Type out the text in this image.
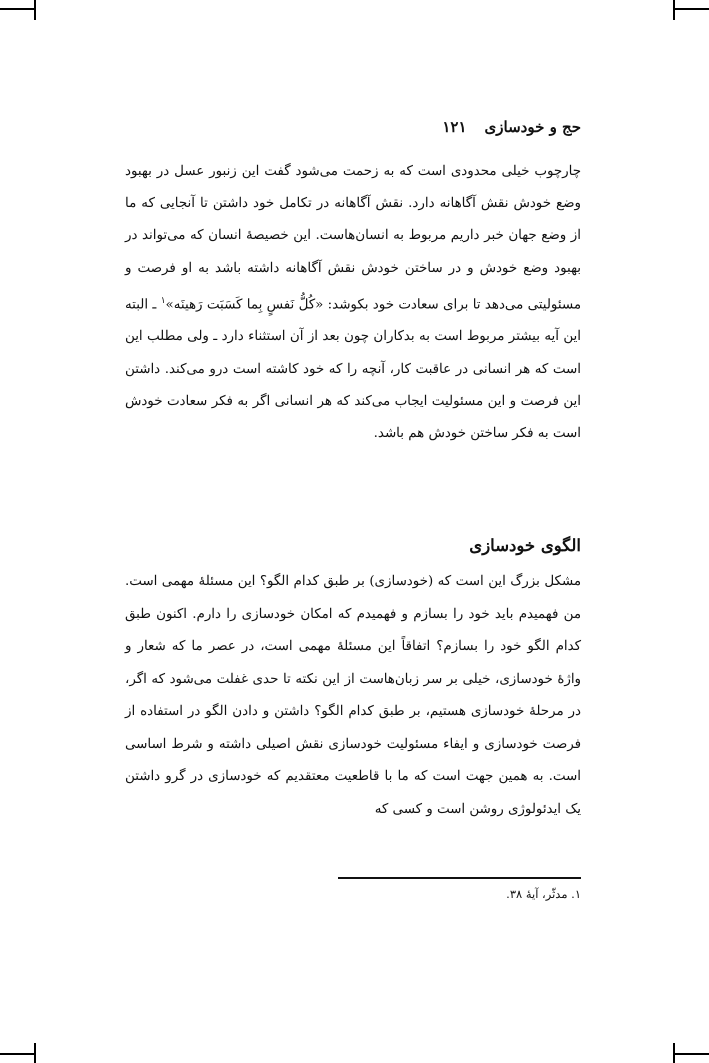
حج و خودسازی
۱۲۱
چارچوب خیلی محدودی است که به زحمت می‌شود گفت این زنبور عسل در بهبود وضع خودش نقش آگاهانه دارد. نقش آگاهانه در تکامل خود داشتن تا آنجایی که ما از وضع جهان خبر داریم مربوط به انسان‌هاست. این خصیصهٔ انسان که می‌تواند در بهبود وضع خودش و در ساختن خودش نقش آگاهانه داشته باشد به او فرصت و مسئولیتی می‌دهد تا برای سعادت خود بکوشد: «کُلُّ نَفسٍ بِما کَسَبَت رَهینَه»$^۱$ ـ البته این آیه بیشتر مربوط است به بدکاران چون بعد از آن استثناء دارد ـ ولی مطلب این است که هر انسانی در عاقبت کار، آنچه را که خود کاشته است درو می‌کند. داشتن این فرصت و این مسئولیت ایجاب می‌کند که هر انسانی اگر به فکر سعادت خودش است به فکر ساختن خودش هم باشد.
الگوی خودسازی
مشکل بزرگ این است که (خودسازی) بر طبق کدام الگو؟ این مسئلهٔ مهمی است. من فهمیدم باید خود را بسازم و فهمیدم که امکان خودسازی را دارم. اکنون طبق کدام الگو خود را بسازم؟ اتفاقاً این مسئلهٔ مهمی است، در عصر ما که شعار و واژهٔ خودسازی، خیلی بر سر زبان‌هاست از این نکته تا حدی غفلت می‌شود که اگر، در مرحلهٔ خودسازی هستیم، بر طبق کدام الگو؟ داشتن و دادن الگو در استفاده از فرصت خودسازی و ایفاء مسئولیت خودسازی نقش اصیلی داشته و شرط اساسی است. به همین جهت است که ما با قاطعیت معتقدیم که خودسازی در گرو داشتن یک ایدئولوژی روشن است و کسی که
۱. مدثّر، آیهٔ ۳۸.
